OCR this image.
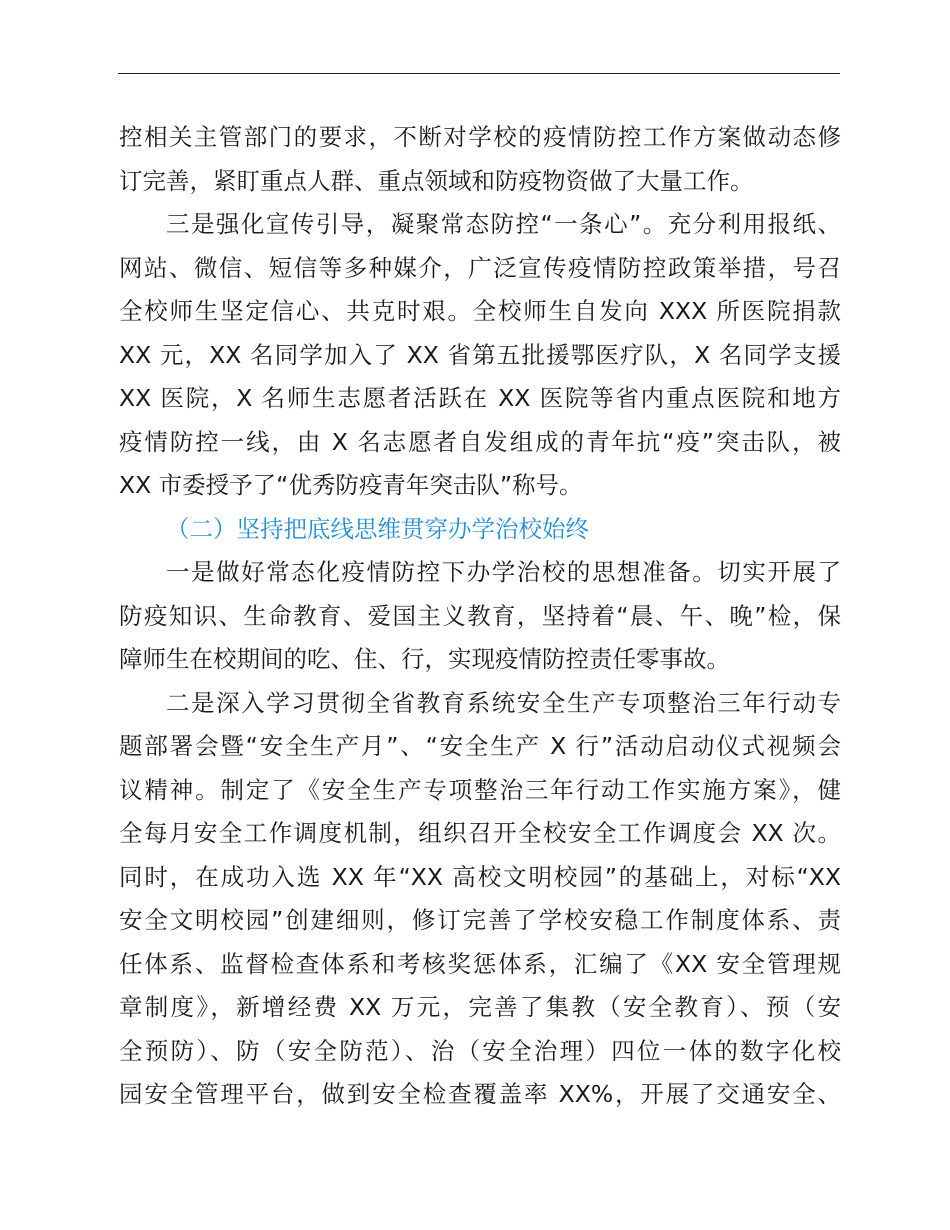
控相关主管部门的要求，不断对学校的疫情防控工作方案做动态修
订完善，紧盯重点人群、重点领域和防疫物资做了大量工作。
三是强化宣传引导，凝聚常态防控“一条心”。充分利用报纸、
网站、微信、短信等多种媒介，广泛宣传疫情防控政策举措，号召
全校师生坚定信心、共克时艰。全校师生自发向 XXX 所医院捐款
XX 元，XX 名同学加入了 XX 省第五批援鄂医疗队，X 名同学支援
XX 医院，X 名师生志愿者活跃在 XX 医院等省内重点医院和地方
疫情防控一线，由 X 名志愿者自发组成的青年抗“疫”突击队，被
XX 市委授予了“优秀防疫青年突击队”称号。
（二）坚持把底线思维贯穿办学治校始终
一是做好常态化疫情防控下办学治校的思想准备。切实开展了
防疫知识、生命教育、爱国主义教育，坚持着“晨、午、晚”检，保
障师生在校期间的吃、住、行，实现疫情防控责任零事故。
二是深入学习贯彻全省教育系统安全生产专项整治三年行动专
题部署会暨“安全生产月”、“安全生产 X 行”活动启动仪式视频会
议精神。制定了《安全生产专项整治三年行动工作实施方案》，健
全每月安全工作调度机制，组织召开全校安全工作调度会 XX 次。
同时，在成功入选 XX 年“XX 高校文明校园”的基础上，对标“XX
安全文明校园”创建细则，修订完善了学校安稳工作制度体系、责
任体系、监督检查体系和考核奖惩体系，汇编了《XX 安全管理规
章制度》，新增经费 XX 万元，完善了集教（安全教育）、预（安
全预防）、防（安全防范）、治（安全治理）四位一体的数字化校
园安全管理平台，做到安全检查覆盖率 XX%，开展了交通安全、
